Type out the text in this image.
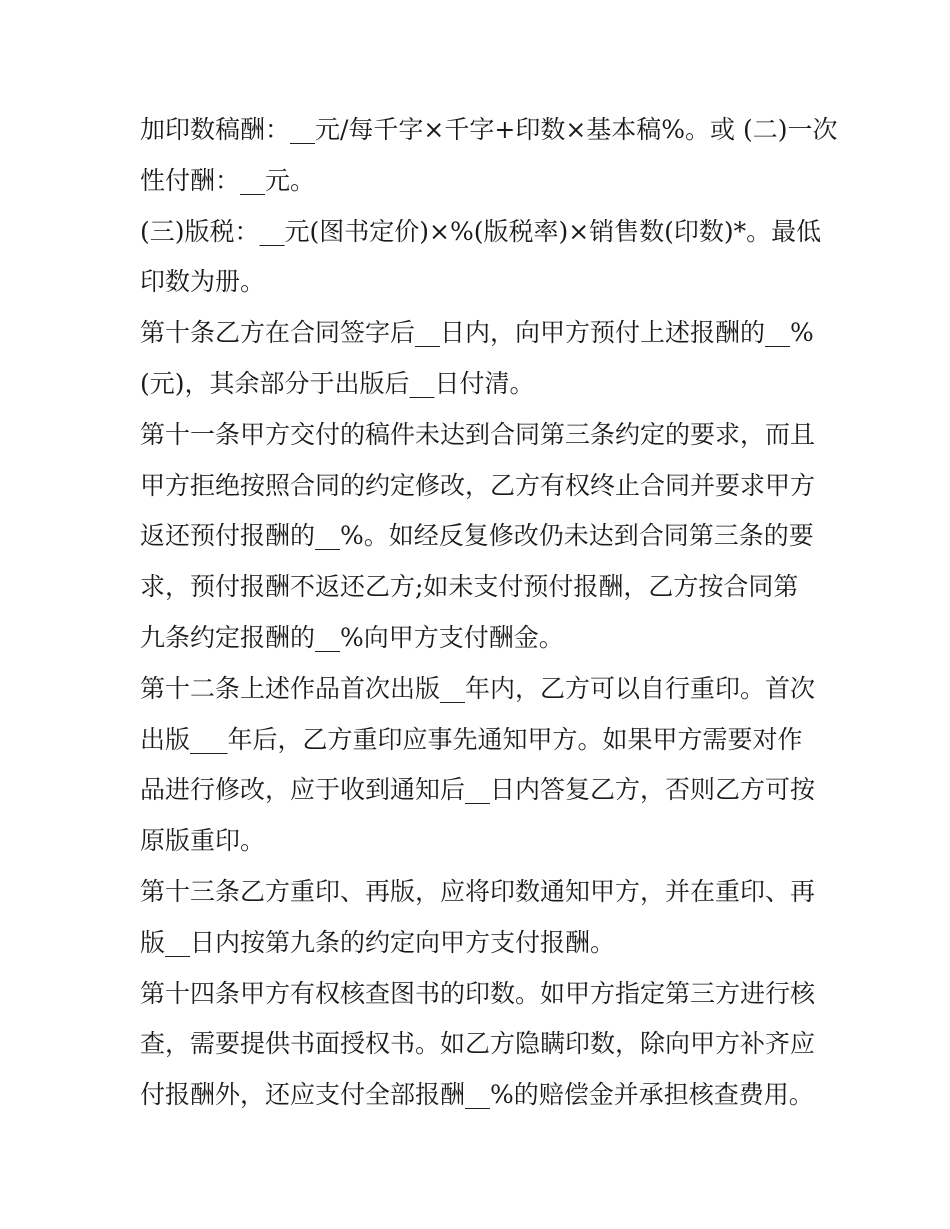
加印数稿酬：__元/每千字×千字+印数×基本稿%。或 (二)一次
性付酬：__元。
(三)版税：__元(图书定价)×%(版税率)×销售数(印数)*。最低
印数为册。
第十条乙方在合同签字后__日内，向甲方预付上述报酬的__%
(元)，其余部分于出版后__日付清。
第十一条甲方交付的稿件未达到合同第三条约定的要求，而且
甲方拒绝按照合同的约定修改，乙方有权终止合同并要求甲方
返还预付报酬的__%。如经反复修改仍未达到合同第三条的要
求，预付报酬不返还乙方;如未支付预付报酬，乙方按合同第
九条约定报酬的__%向甲方支付酬金。
第十二条上述作品首次出版__年内，乙方可以自行重印。首次
出版___年后，乙方重印应事先通知甲方。如果甲方需要对作
品进行修改，应于收到通知后__日内答复乙方，否则乙方可按
原版重印。
第十三条乙方重印、再版，应将印数通知甲方，并在重印、再
版__日内按第九条的约定向甲方支付报酬。
第十四条甲方有权核查图书的印数。如甲方指定第三方进行核
查，需要提供书面授权书。如乙方隐瞒印数，除向甲方补齐应
付报酬外，还应支付全部报酬__%的赔偿金并承担核查费用。
